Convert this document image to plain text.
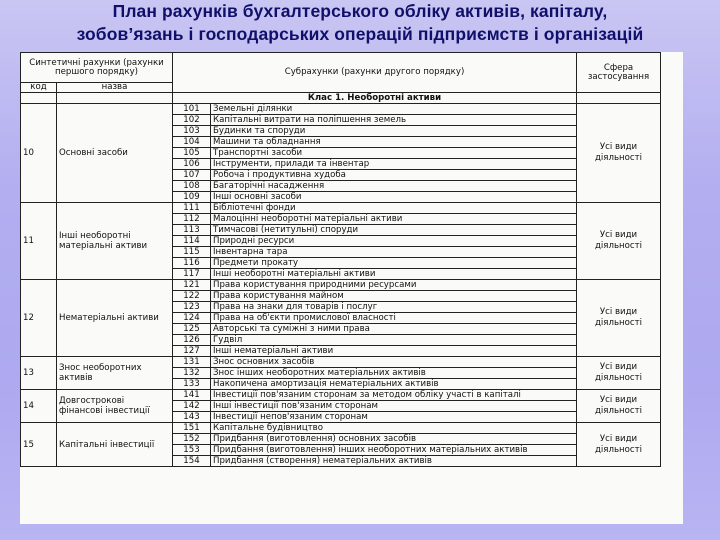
План рахунків бухгалтерського обліку активів, капіталу,
зобов’язань і господарських операцій підприємств і організацій
Синтетичні рахунки (рахунки першого порядку)		Субрахунки (рахунки другого порядку)		Сфера застосування
код	назва			
		Клас 1. Необоротні активи		
10	Основні засоби	101	Земельні ділянки	Усі види діяльності
		102	Капітальні витрати на поліпшення земель	
		103	Будинки та споруди	
		104	Машини та обладнання	
		105	Транспортні засоби	
		106	Інструменти, прилади та інвентар	
		107	Робоча і продуктивна худоба	
		108	Багаторічні насадження	
		109	Інші основні засоби	
11	Інші необоротні матеріальні активи	111	Бібліотечні фонди	Усі види діяльності
		112	Малоцінні необоротні матеріальні активи	
		113	Тимчасові (нетитульні) споруди	
		114	Природні ресурси	
		115	Інвентарна тара	
		116	Предмети прокату	
		117	Інші необоротні матеріальні активи	
12	Нематеріальні активи	121	Права користування природними ресурсами	Усі види діяльності
		122	Права користування майном	
		123	Права на знаки для товарів і послуг	
		124	Права на об'єкти промислової власності	
		125	Авторські та суміжні з ними права	
		126	Гудвіл	
		127	Інші нематеріальні активи	
13	Знос необоротних активів	131	Знос основних засобів	Усі види діяльності
		132	Знос інших необоротних матеріальних активів	
		133	Накопичена амортизація нематеріальних активів	
14	Довгострокові фінансові інвестиції	141	Інвестиції пов'язаним сторонам за методом обліку участі в капіталі	Усі види діяльності
		142	Інші інвестиції пов'язаним сторонам	
		143	Інвестиції непов'язаним сторонам	
15	Капітальні інвестиції	151	Капітальне будівництво	Усі види діяльності
		152	Придбання (виготовлення) основних засобів	
		153	Придбання (виготовлення) інших необоротних матеріальних активів	
		154	Придбання (створення) нематеріальних активів	
